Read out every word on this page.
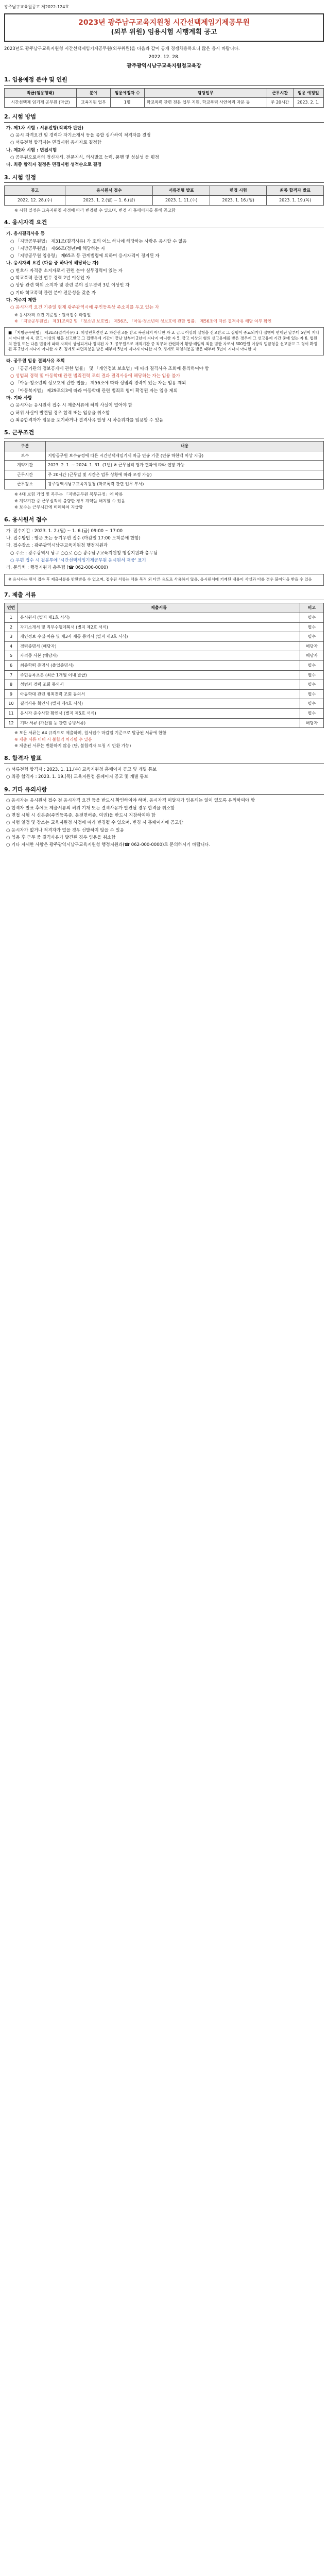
광주남구교육원공고 제2022-124호
2023년 광주남구교육지원청 시간선택제임기제공무원
(외부 위원) 임용시험 시행계획 공고
2023년도 광주남구교육지원청 시간선택제임기제공무원(외부위원)을 다음과 같이 공개 경쟁채용하오니 많은 응시 바랍니다.
2022. 12. 28.
광주광역시남구교육지원청교육장
1. 임용예정 분야 및 인원
직급(임용형태)	분야	임용예정자 수	담당업무	근무시간	임용 예정일
시간선택제 임기제 공무원 (마급)	교육지원 업무	1명	학교폭력 관련 전문 업무 지원, 학교폭력 사안처리 자문 등	주 20시간	2023. 2. 1.
2. 시험 방법
가. 제1차 시험 : 서류전형(적격자 판단)
○ 응시 자격요건 및 경력과 자기소개서 등을 종합 심사하여 적격자를 결정
○ 서류전형 합격자는 면접시험 응시자로 결정함
나. 제2차 시험 : 면접시험
○ 공무원으로서의 정신자세, 전문지식, 의사발표 능력, 품행 및 성실성 등 평정
다. 최종 합격자 결정은 면접시험 성적순으로 결정
3. 시험 일정
공고	응시원서 접수	서류전형 발표	면접 시험	최종 합격자 발표
2022. 12. 28.(수)	2023. 1. 2.(월) ~ 1. 6.(금)	2023. 1. 11.(수)	2023. 1. 16.(월)	2023. 1. 19.(목)
※ 시험 일정은 교육지원청 사정에 따라 변경될 수 있으며, 변경 시 홈페이지를 통해 공고함
4. 응시자격 요건
가. 응시결격사유 등
○ 「지방공무원법」 제31조(결격사유) 각 호의 어느 하나에 해당하는 사람은 응시할 수 없음
○ 「지방공무원법」 제66조(정년)에 해당하는 자
○ 「지방공무원 임용령」 제65조 등 관계법령에 의하여 응시자격이 정지된 자
나. 응시자격 요건 (다음 중 하나에 해당하는 자)
○ 변호사 자격증 소지자로서 관련 분야 실무경력이 있는 자
○ 학교폭력 관련 업무 경력 2년 이상인 자
○ 상담 관련 학위 소지자 및 관련 분야 실무경력 3년 이상인 자
○ 기타 학교폭력 관련 분야 전문성을 갖춘 자
다. 거주지 제한
○ 응시자격 요건 기준일 현재 광주광역시에 주민등록상 주소지를 두고 있는 자
※ 응시자격 요건 기준일 : 원서접수 마감일
※ 「지방공무원법」 제31조의2 및 「청소년 보호법」 제56조, 「아동·청소년의 성보호에 관한 법률」 제56조에 따른 결격사유 해당 여부 확인
■ 「지방공무원법」 제31조(결격사유) 1. 피성년후견인 2. 파산선고를 받고 복권되지 아니한 자 3. 금고 이상의 실형을 선고받고 그 집행이 종료되거나 집행이 면제된 날부터 5년이 지나지 아니한 자 4. 금고 이상의 형을 선고받고 그 집행유예 기간이 끝난 날부터 2년이 지나지 아니한 자 5. 금고 이상의 형의 선고유예를 받은 경우에 그 선고유예 기간 중에 있는 자 6. 법원의 판결 또는 다른 법률에 따라 자격이 상실되거나 정지된 자 7. 공무원으로 재직기간 중 직무와 관련하여 횡령·배임의 죄를 범한 자로서 300만원 이상의 벌금형을 선고받고 그 형이 확정된 후 2년이 지나지 아니한 자 8. 징계로 파면처분을 받은 때부터 5년이 지나지 아니한 자 9. 징계로 해임처분을 받은 때부터 3년이 지나지 아니한 자
라. 공무원 임용 결격사유 조회
○ 「공공기관의 정보공개에 관한 법률」 및 「개인정보 보호법」에 따라 결격사유 조회에 동의하여야 함
○ 성범죄 경력 및 아동학대 관련 범죄전력 조회 결과 결격사유에 해당하는 자는 임용 불가
○ 「아동·청소년의 성보호에 관한 법률」 제56조에 따라 성범죄 경력이 있는 자는 임용 제외
○ 「아동복지법」 제29조의3에 따라 아동학대 관련 범죄로 형이 확정된 자는 임용 제외
마. 기타 사항
○ 응시자는 응시원서 접수 시 제출서류에 허위 사실이 없어야 함
○ 허위 사실이 발견될 경우 합격 또는 임용을 취소함
○ 최종합격자가 임용을 포기하거나 결격사유 발생 시 차순위자를 임용할 수 있음
5. 근무조건
구분	내용
보수	지방공무원 보수규정에 따른 시간선택제임기제 마급 연봉 기준 (연봉 하한액 이상 지급)
계약기간	2023. 2. 1. ~ 2024. 1. 31. (1년) ※ 근무실적 평가 결과에 따라 연장 가능
근무시간	주 20시간 (근무일 및 시간은 업무 상황에 따라 조정 가능)
근무장소	광주광역시남구교육지원청 (학교폭력 관련 업무 부서)
※ 4대 보험 가입 및 복무는 「지방공무원 복무규정」에 따름
※ 계약기간 중 근무실적이 불량한 경우 계약을 해지할 수 있음
※ 보수는 근무시간에 비례하여 지급함
6. 응시원서 접수
가. 접수기간 : 2023. 1. 2.(월) ~ 1. 6.(금) 09:00 ~ 17:00
나. 접수방법 : 방문 또는 등기우편 접수 (마감일 17:00 도착분에 한함)
다. 접수장소 : 광주광역시남구교육지원청 행정지원과
○ 주소 : 광주광역시 남구 ○○로 ○○ 광주남구교육지원청 행정지원과 총무팀
○ 우편 접수 시 겉봉투에 '시간선택제임기제공무원 응시원서 재중' 표기
라. 문의처 : 행정지원과 총무팀 (☎ 062-000-0000)
※ 응시자는 원서 접수 후 제출서류를 반환받을 수 없으며, 접수된 서류는 채용 목적 외 다른 용도로 사용하지 않음. 응시원서에 기재된 내용이 사실과 다를 경우 불이익을 받을 수 있음
7. 제출 서류
연번	제출서류	비고
1	응시원서 (별지 제1호 서식)	필수
2	자기소개서 및 직무수행계획서 (별지 제2호 서식)	필수
3	개인정보 수집·이용 및 제3자 제공 동의서 (별지 제3호 서식)	필수
4	경력증명서 (해당자)	해당자
5	자격증 사본 (해당자)	해당자
6	최종학력 증명서 (졸업증명서)	필수
7	주민등록초본 (최근 1개월 이내 발급)	필수
8	성범죄 경력 조회 동의서	필수
9	아동학대 관련 범죄전력 조회 동의서	필수
10	결격사유 확인서 (별지 제4호 서식)	필수
11	응시자 준수사항 확인서 (별지 제5호 서식)	필수
12	기타 서류 (가산점 등 관련 증빙서류)	해당자
※ 모든 서류는 A4 규격으로 제출하며, 원서접수 마감일 기준으로 발급된 서류에 한함
※ 제출 서류 미비 시 불합격 처리될 수 있음
※ 제출된 서류는 반환하지 않음 (단, 불합격자 요청 시 반환 가능)
8. 합격자 발표
○ 서류전형 합격자 : 2023. 1. 11.(수) 교육지원청 홈페이지 공고 및 개별 통보
○ 최종 합격자 : 2023. 1. 19.(목) 교육지원청 홈페이지 공고 및 개별 통보
9. 기타 유의사항
○ 응시자는 응시원서 접수 전 응시자격 요건 등을 반드시 확인하여야 하며, 응시자격 미달자가 임용되는 일이 없도록 유의하여야 함
○ 합격자 발표 후에도 제출서류의 허위 기재 또는 결격사유가 발견될 경우 합격을 취소함
○ 면접 시험 시 신분증(주민등록증, 운전면허증, 여권)을 반드시 지참하여야 함
○ 시험 일정 및 장소는 교육지원청 사정에 따라 변경될 수 있으며, 변경 시 홈페이지에 공고함
○ 응시자가 없거나 적격자가 없을 경우 선발하지 않을 수 있음
○ 임용 후 근무 중 결격사유가 발견된 경우 임용을 취소함
○ 기타 자세한 사항은 광주광역시남구교육지원청 행정지원과(☎ 062-000-0000)로 문의하시기 바랍니다.
